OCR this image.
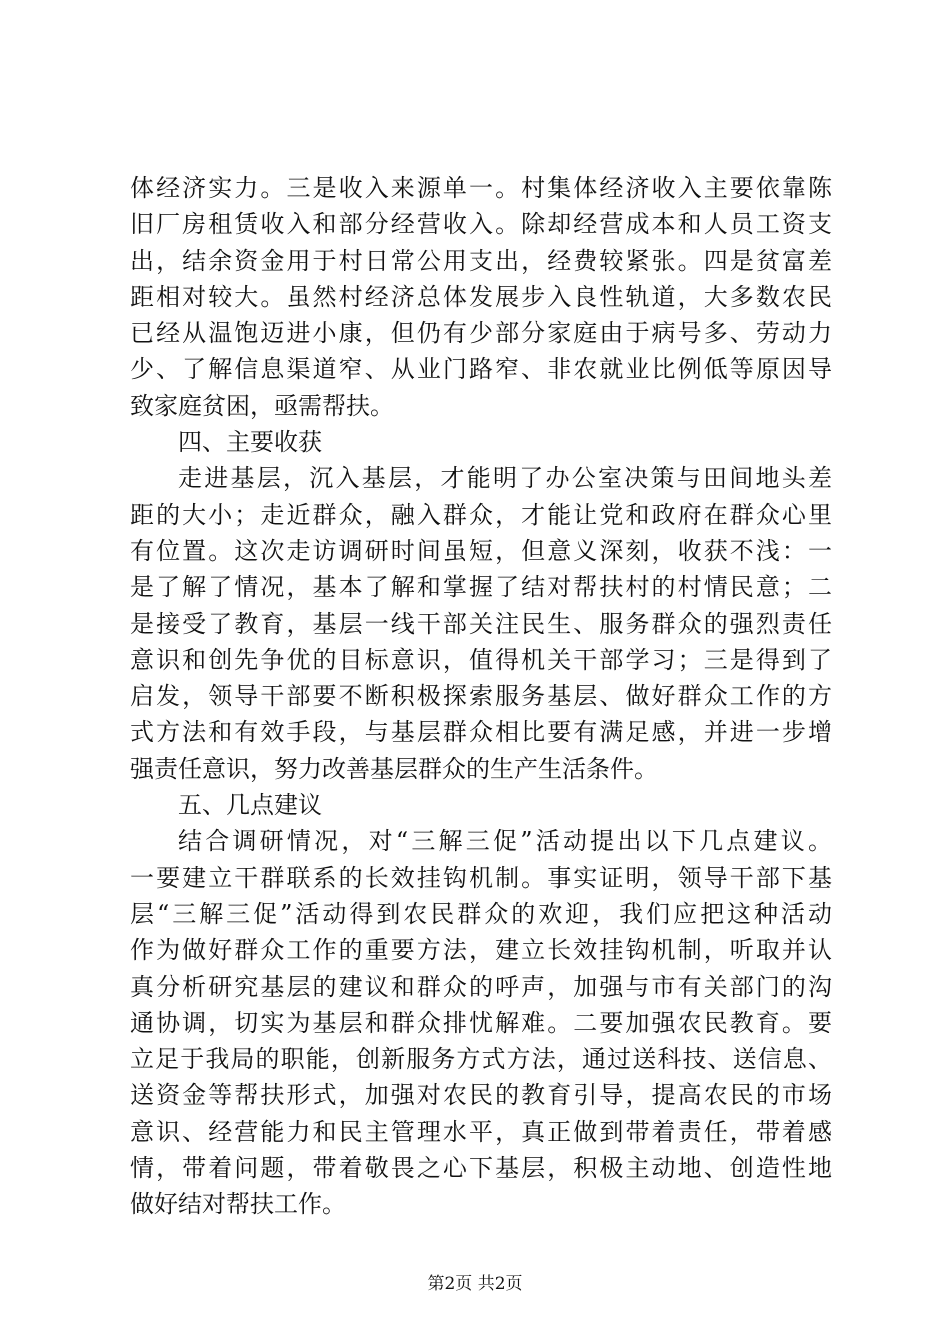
体经济实力。三是收入来源单一。村集体经济收入主要依靠陈
旧厂房租赁收入和部分经营收入。除却经营成本和人员工资支
出，结余资金用于村日常公用支出，经费较紧张。四是贫富差
距相对较大。虽然村经济总体发展步入良性轨道，大多数农民
已经从温饱迈进小康，但仍有少部分家庭由于病号多、劳动力
少、了解信息渠道窄、从业门路窄、非农就业比例低等原因导
致家庭贫困，亟需帮扶。
四、主要收获
走进基层，沉入基层，才能明了办公室决策与田间地头差
距的大小；走近群众，融入群众，才能让党和政府在群众心里
有位置。这次走访调研时间虽短，但意义深刻，收获不浅：一
是了解了情况，基本了解和掌握了结对帮扶村的村情民意；二
是接受了教育，基层一线干部关注民生、服务群众的强烈责任
意识和创先争优的目标意识，值得机关干部学习；三是得到了
启发，领导干部要不断积极探索服务基层、做好群众工作的方
式方法和有效手段，与基层群众相比要有满足感，并进一步增
强责任意识，努力改善基层群众的生产生活条件。
五、几点建议
结合调研情况，对“三解三促”活动提出以下几点建议。
一要建立干群联系的长效挂钩机制。事实证明，领导干部下基
层“三解三促”活动得到农民群众的欢迎，我们应把这种活动
作为做好群众工作的重要方法，建立长效挂钩机制，听取并认
真分析研究基层的建议和群众的呼声，加强与市有关部门的沟
通协调，切实为基层和群众排忧解难。二要加强农民教育。要
立足于我局的职能，创新服务方式方法，通过送科技、送信息、
送资金等帮扶形式，加强对农民的教育引导，提高农民的市场
意识、经营能力和民主管理水平，真正做到带着责任，带着感
情，带着问题，带着敬畏之心下基层，积极主动地、创造性地
做好结对帮扶工作。
第2页 共2页
